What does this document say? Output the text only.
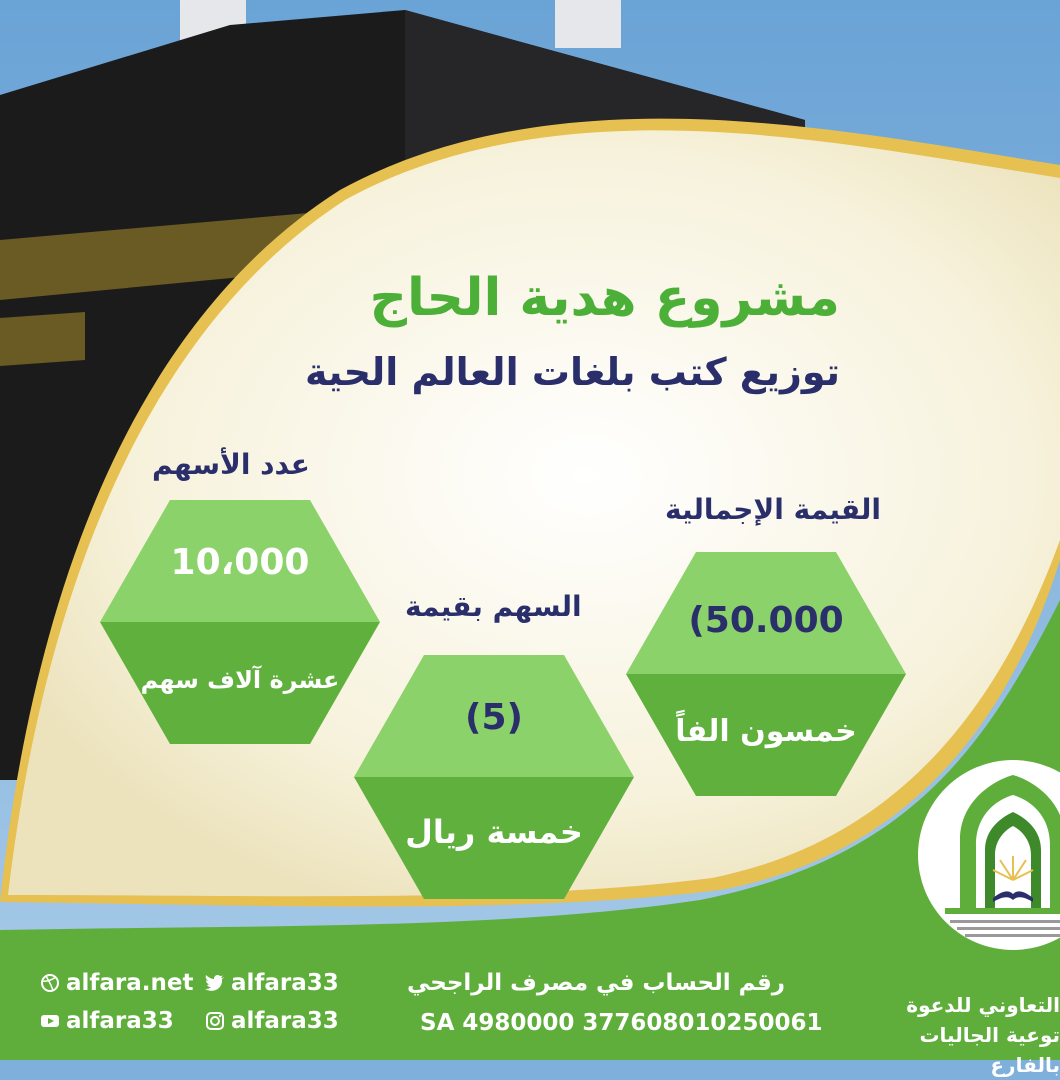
مشروع هدية الحاج
توزيع كتب بلغات العالم الحية
عدد الأسهم
السهم بقيمة
القيمة الإجمالية
10،000
عشرة آلاف سهم
(5)
خمسة ريال
(50.000
خمسون الفاً
alfara.net	alfara33
alfara33	alfara33
رقم الحساب في مصرف الراجحي
SA 4980000 377608010250061
التعاوني للدعوة
توعية الجاليات بالفارع
